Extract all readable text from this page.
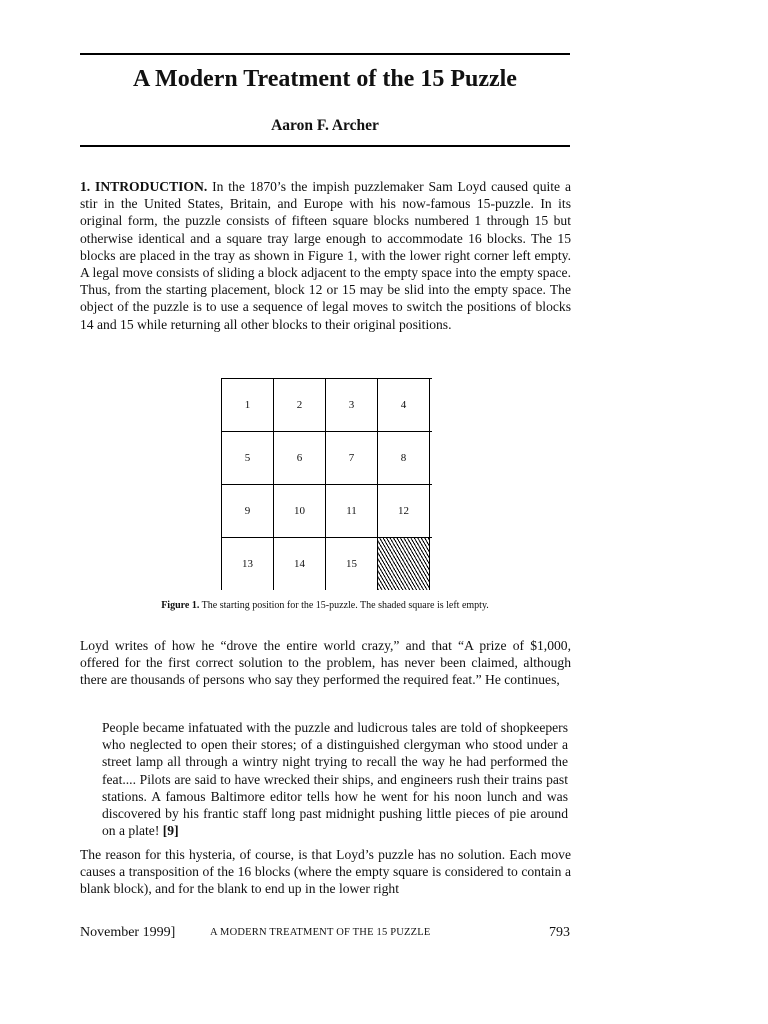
A Modern Treatment of the 15 Puzzle
Aaron F. Archer
1. INTRODUCTION. In the 1870’s the impish puzzlemaker Sam Loyd caused quite a stir in the United States, Britain, and Europe with his now-famous 15-puzzle. In its original form, the puzzle consists of fifteen square blocks numbered 1 through 15 but otherwise identical and a square tray large enough to accommodate 16 blocks. The 15 blocks are placed in the tray as shown in Figure 1, with the lower right corner left empty. A legal move consists of sliding a block adjacent to the empty space into the empty space. Thus, from the starting placement, block 12 or 15 may be slid into the empty space. The object of the puzzle is to use a sequence of legal moves to switch the positions of blocks 14 and 15 while returning all other blocks to their original positions.
1	2	3	4
5	6	7	8
9	10	11	12
13	14	15
Figure 1. The starting position for the 15-puzzle. The shaded square is left empty.
Loyd writes of how he “drove the entire world crazy,” and that “A prize of $1,000, offered for the first correct solution to the problem, has never been claimed, although there are thousands of persons who say they performed the required feat.” He continues,
People became infatuated with the puzzle and ludicrous tales are told of shopkeepers who neglected to open their stores; of a distinguished clergyman who stood under a street lamp all through a wintry night trying to recall the way he had performed the feat.... Pilots are said to have wrecked their ships, and engineers rush their trains past stations. A famous Baltimore editor tells how he went for his noon lunch and was discovered by his frantic staff long past midnight pushing little pieces of pie around on a plate! [9]
The reason for this hysteria, of course, is that Loyd’s puzzle has no solution. Each move causes a transposition of the 16 blocks (where the empty square is considered to contain a blank block), and for the blank to end up in the lower right
November 1999]	A MODERN TREATMENT OF THE 15 PUZZLE	793
